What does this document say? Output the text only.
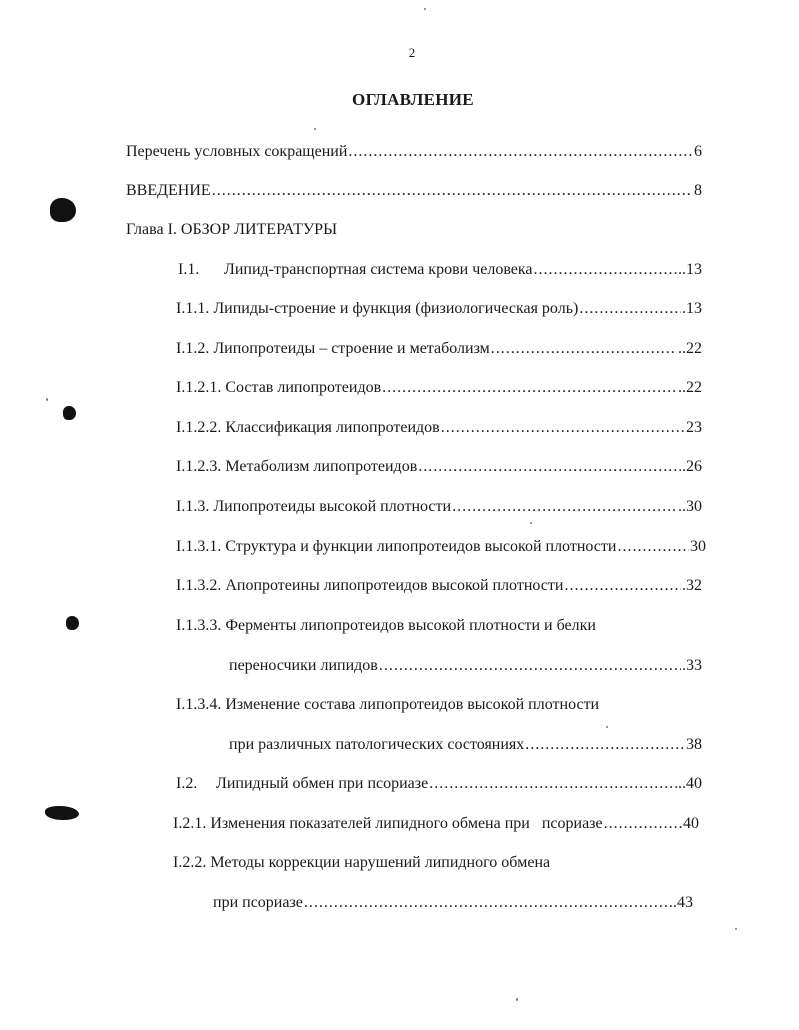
2
ОГЛАВЛЕНИЕ
Перечень условных сокращений .....	6
ВВЕДЕНИЕ .....	8
Глава I. ОБЗОР ЛИТЕРАТУРЫ
I.1.	Липид-транспортная система крови человека .....	..13
I.1.1. Липиды-строение и функция (физиологическая роль) .....	.13
I.1.2. Липопротеиды – строение и метаболизм .....	..22
I.1.2.1. Состав липопротеидов .....	..22
I.1.2.2. Классификация липопротеидов .....	23
I.1.2.3. Метаболизм липопротеидов .....	.26
I.1.3. Липопротеиды высокой плотности .....	..30
I.1.3.1. Структура и функции липопротеидов высокой плотности .....	30
I.1.3.2. Апопротеины липопротеидов высокой плотности .....	.32
I.1.3.3. Ферменты липопротеидов высокой плотности и белки
переносчики липидов .....	.33
I.1.3.4. Изменение состава липопротеидов высокой плотности
при различных патологических состояниях .....	38
I.2.	Липидный обмен при псориазе .....	..40
I.2.1. Изменения показателей липидного обмена при   псориазе .....	40
I.2.2. Методы коррекции нарушений липидного обмена
при псориазе .....	.43
